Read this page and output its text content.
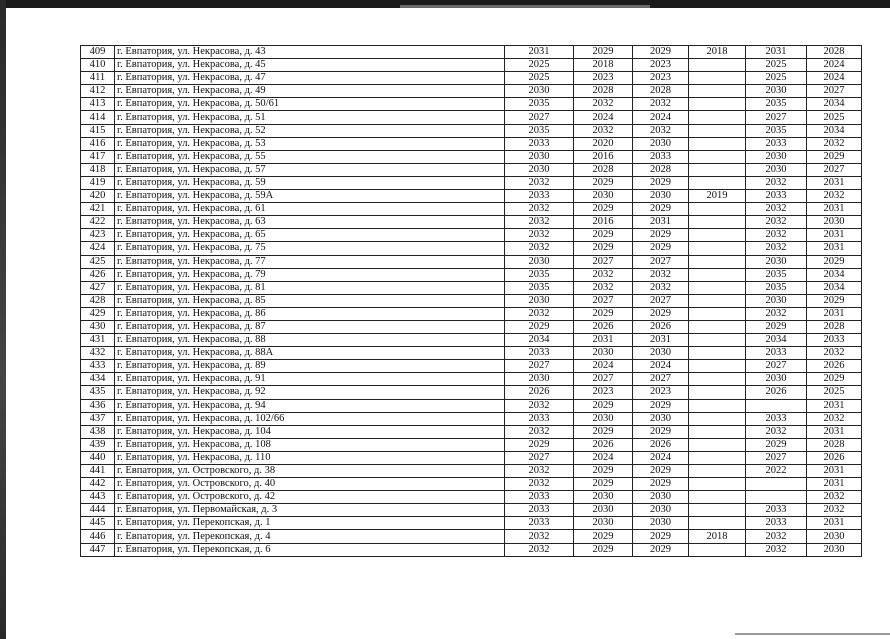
409	г. Евпатория, ул. Некрасова, д. 43	2031	2029	2029	2018	2031	2028
410	г. Евпатория, ул. Некрасова, д. 45	2025	2018	2023		2025	2024
411	г. Евпатория, ул. Некрасова, д. 47	2025	2023	2023		2025	2024
412	г. Евпатория, ул. Некрасова, д. 49	2030	2028	2028		2030	2027
413	г. Евпатория, ул. Некрасова, д. 50/61	2035	2032	2032		2035	2034
414	г. Евпатория, ул. Некрасова, д. 51	2027	2024	2024		2027	2025
415	г. Евпатория, ул. Некрасова, д. 52	2035	2032	2032		2035	2034
416	г. Евпатория, ул. Некрасова, д. 53	2033	2020	2030		2033	2032
417	г. Евпатория, ул. Некрасова, д. 55	2030	2016	2033		2030	2029
418	г. Евпатория, ул. Некрасова, д. 57	2030	2028	2028		2030	2027
419	г. Евпатория, ул. Некрасова, д. 59	2032	2029	2029		2032	2031
420	г. Евпатория, ул. Некрасова, д. 59А	2033	2030	2030	2019	2033	2032
421	г. Евпатория, ул. Некрасова, д. 61	2032	2029	2029		2032	2031
422	г. Евпатория, ул. Некрасова, д. 63	2032	2016	2031		2032	2030
423	г. Евпатория, ул. Некрасова, д. 65	2032	2029	2029		2032	2031
424	г. Евпатория, ул. Некрасова, д. 75	2032	2029	2029		2032	2031
425	г. Евпатория, ул. Некрасова, д. 77	2030	2027	2027		2030	2029
426	г. Евпатория, ул. Некрасова, д. 79	2035	2032	2032		2035	2034
427	г. Евпатория, ул. Некрасова, д. 81	2035	2032	2032		2035	2034
428	г. Евпатория, ул. Некрасова, д. 85	2030	2027	2027		2030	2029
429	г. Евпатория, ул. Некрасова, д. 86	2032	2029	2029		2032	2031
430	г. Евпатория, ул. Некрасова, д. 87	2029	2026	2026		2029	2028
431	г. Евпатория, ул. Некрасова, д. 88	2034	2031	2031		2034	2033
432	г. Евпатория, ул. Некрасова, д. 88А	2033	2030	2030		2033	2032
433	г. Евпатория, ул. Некрасова, д. 89	2027	2024	2024		2027	2026
434	г. Евпатория, ул. Некрасова, д. 91	2030	2027	2027		2030	2029
435	г. Евпатория, ул. Некрасова, д. 92	2026	2023	2023		2026	2025
436	г. Евпатория, ул. Некрасова, д. 94	2032	2029	2029			2031
437	г. Евпатория, ул. Некрасова, д. 102/66	2033	2030	2030		2033	2032
438	г. Евпатория, ул. Некрасова, д. 104	2032	2029	2029		2032	2031
439	г. Евпатория, ул. Некрасова, д. 108	2029	2026	2026		2029	2028
440	г. Евпатория, ул. Некрасова, д. 110	2027	2024	2024		2027	2026
441	г. Евпатория, ул. Островского, д. 38	2032	2029	2029		2022	2031
442	г. Евпатория, ул. Островского, д. 40	2032	2029	2029			2031
443	г. Евпатория, ул. Островского, д. 42	2033	2030	2030			2032
444	г. Евпатория, ул. Первомайская, д. 3	2033	2030	2030		2033	2032
445	г. Евпатория, ул. Перекопская, д. 1	2033	2030	2030		2033	2031
446	г. Евпатория, ул. Перекопская, д. 4	2032	2029	2029	2018	2032	2030
447	г. Евпатория, ул. Перекопская, д. 6	2032	2029	2029		2032	2030
